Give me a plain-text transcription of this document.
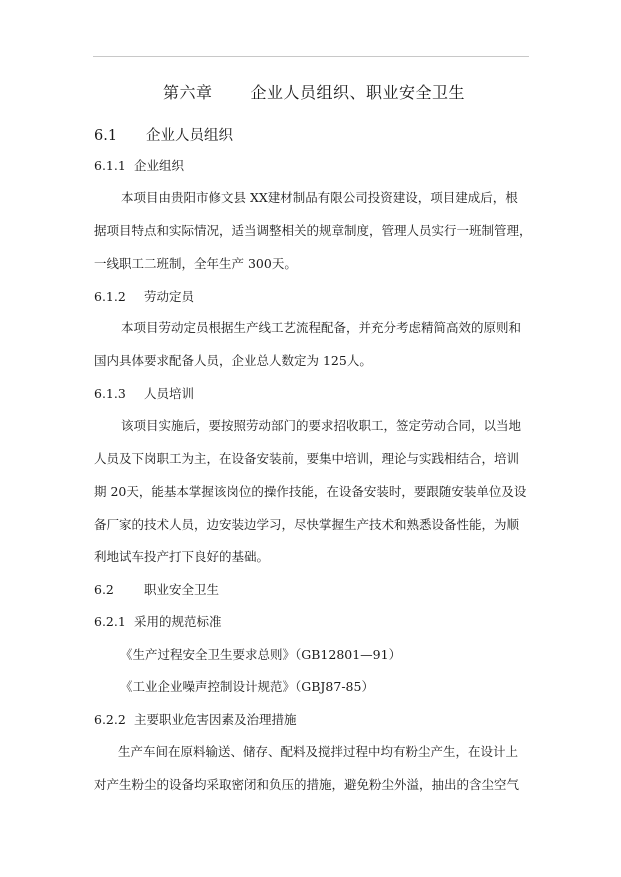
第六章 企业人员组织、职业安全卫生
6.1 企业人员组织
6.1.1 企业组织
本项目由贵阳市修文县 XX建材制品有限公司投资建设，项目建成后，根
据项目特点和实际情况，适当调整相关的规章制度，管理人员实行一班制管理，
一线职工二班制，全年生产 300天。
6.1.2 劳动定员
本项目劳动定员根据生产线工艺流程配备，并充分考虑精简高效的原则和
国内具体要求配备人员，企业总人数定为 125人。
6.1.3 人员培训
该项目实施后，要按照劳动部门的要求招收职工，签定劳动合同，以当地
人员及下岗职工为主，在设备安装前，要集中培训，理论与实践相结合，培训
期 20天，能基本掌握该岗位的操作技能，在设备安装时，要跟随安装单位及设
备厂家的技术人员，边安装边学习，尽快掌握生产技术和熟悉设备性能，为顺
利地试车投产打下良好的基础。
6.2 职业安全卫生
6.2.1 采用的规范标准
《生产过程安全卫生要求总则》（GB12801—91）
《工业企业噪声控制设计规范》（GBJ87-85）
6.2.2 主要职业危害因素及治理措施
生产车间在原料输送、储存、配料及搅拌过程中均有粉尘产生，在设计上
对产生粉尘的设备均采取密闭和负压的措施，避免粉尘外溢，抽出的含尘空气
